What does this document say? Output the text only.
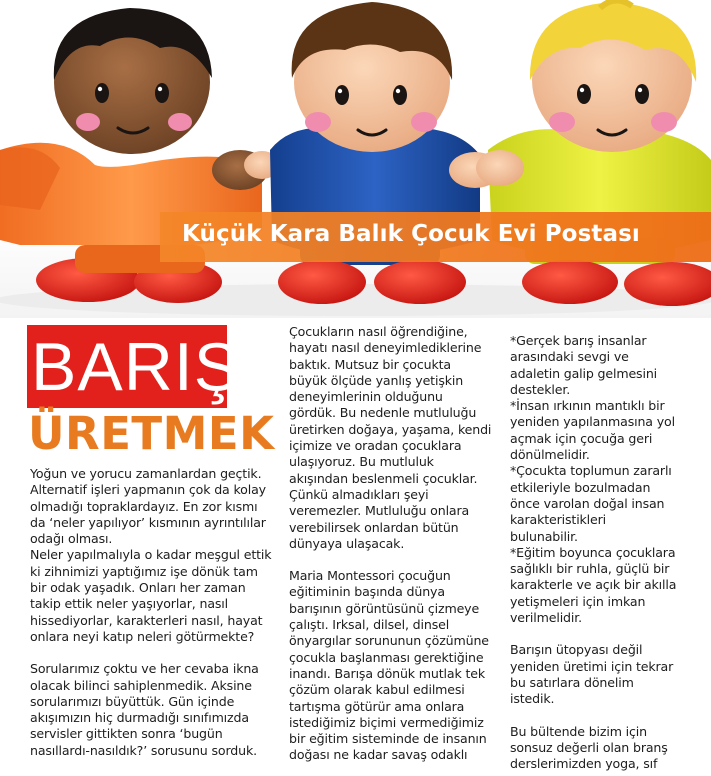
Küçük Kara Balık Çocuk Evi Postası
BARIŞI
ÜRETMEK

Yoğun ve yorucu zamanlardan geçtik.
Alternatif işleri yapmanın çok da kolay
olmadığı topraklardayız. En zor kısmı
da ‘neler yapılıyor’ kısmının ayrıntılılar
odağı olması.
Neler yapılmalıyla o kadar meşgul ettik
ki zihnimizi yaptığımız işe dönük tam
bir odak yaşadık. Onları her zaman
takip ettik neler yaşıyorlar, nasıl
hissediyorlar, karakterleri nasıl, hayat
onlara neyi katıp neleri götürmekte?

Sorularımız çoktu ve her cevaba ikna
olacak bilinci sahiplenmedik. Aksine
sorularımızı büyüttük. Gün içinde
akışımızın hiç durmadığı sınıfımızda
servisler gittikten sonra ‘bugün
nasıllardı-nasıldık?’ sorusunu sorduk.

Çocukların nasıl öğrendiğine,
hayatı nasıl deneyimlediklerine
baktık. Mutsuz bir çocukta
büyük ölçüde yanlış yetişkin
deneyimlerinin olduğunu
gördük. Bu nedenle mutluluğu
üretirken doğaya, yaşama, kendi
içimize ve oradan çocuklara
ulaşıyoruz. Bu mutluluk
akışından beslenmeli çocuklar.
Çünkü almadıkları şeyi
veremezler. Mutluluğu onlara
verebilirsek onlardan bütün
dünyaya ulaşacak.

Maria Montessori çocuğun
eğitiminin başında dünya
barışının görüntüsünü çizmeye
çalıştı. Irksal, dilsel, dinsel
önyargılar sorununun çözümüne
çocukla başlanması gerektiğine
inandı. Barışa dönük mutlak tek
çözüm olarak kabul edilmesi
tartışma götürür ama onlara
istediğimiz biçimi vermediğimiz
bir eğitim sisteminde de insanın
doğası ne kadar savaş odaklı

*Gerçek barış insanlar
arasındaki sevgi ve
adaletin galip gelmesini
destekler.
*İnsan ırkının mantıklı bir
yeniden yapılanmasına yol
açmak için çocuğa geri
dönülmelidir.
*Çocukta toplumun zararlı
etkileriyle bozulmadan
önce varolan doğal insan
karakteristikleri
bulunabilir.
*Eğitim boyunca çocuklara
sağlıklı bir ruhla, güçlü bir
karakterle ve açık bir akılla
yetişmeleri için imkan
verilmelidir.

Barışın ütopyası değil
yeniden üretimi için tekrar
bu satırlara dönelim
istedik.

Bu bültende bizim için
sonsuz değerli olan branş
derslerimizden yoga, sıf
